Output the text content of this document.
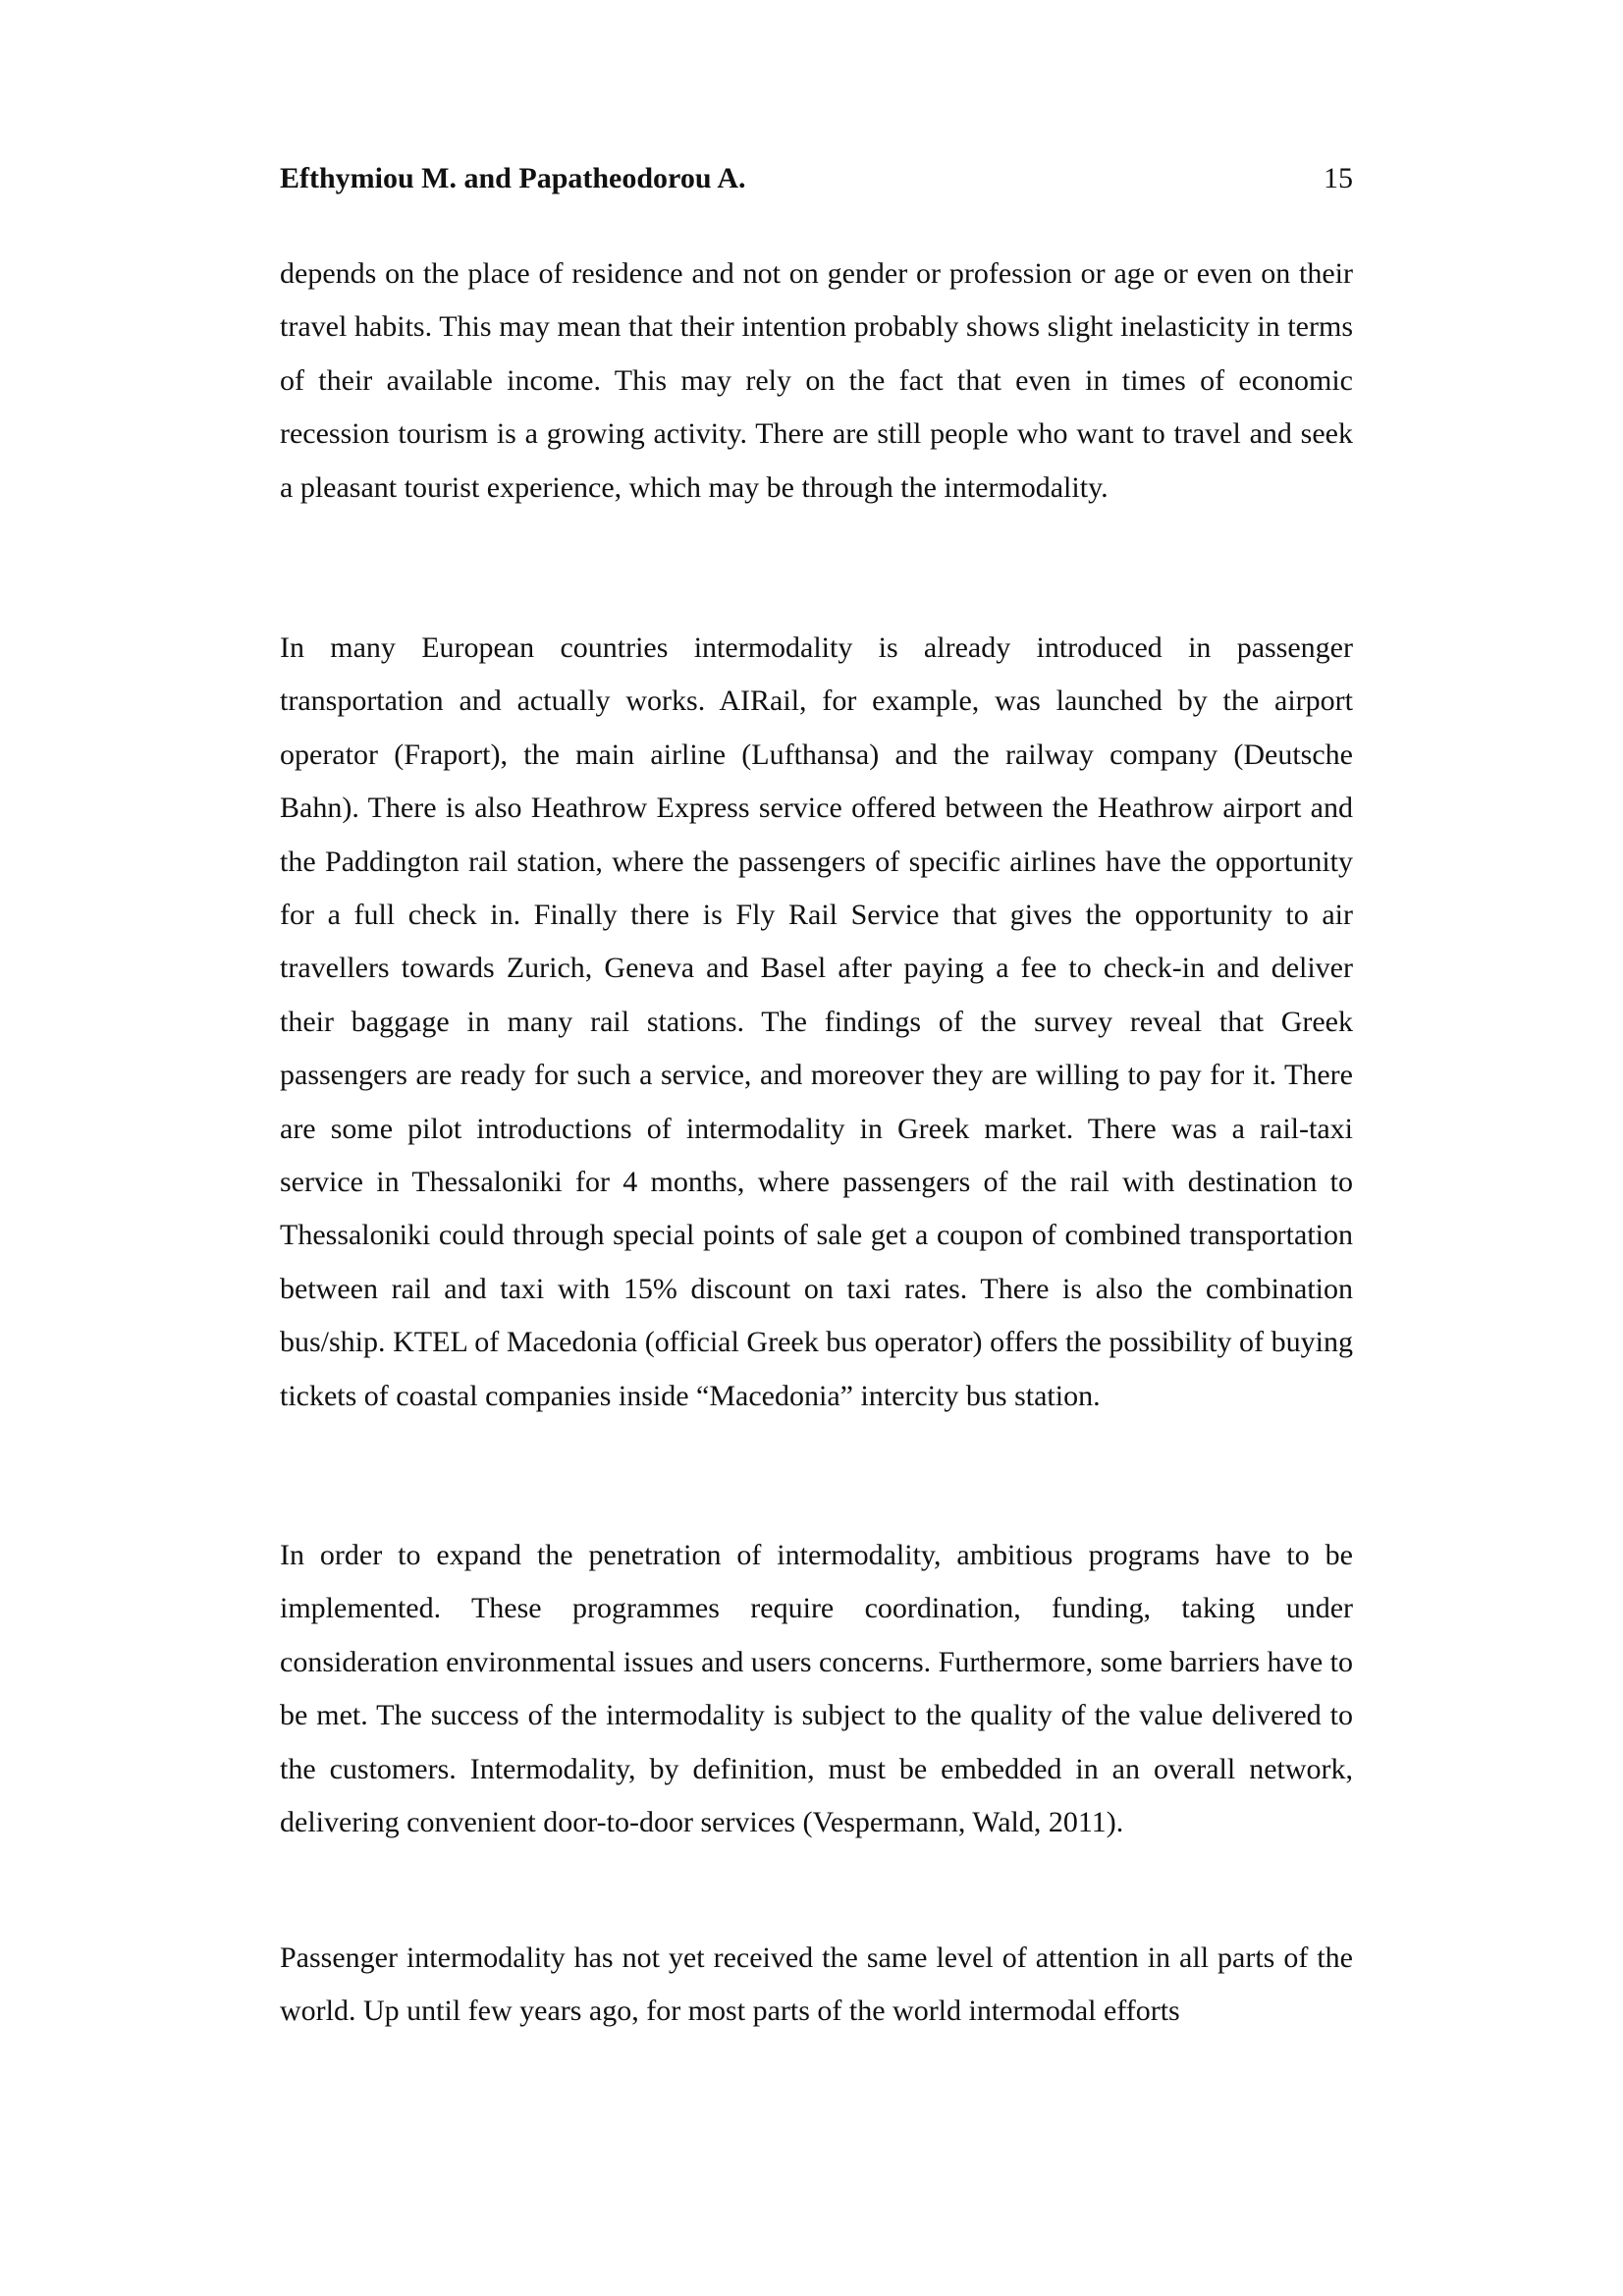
Efthymiou M. and Papatheodorou A.	15

depends on the place of residence and not on gender or profession or age or even on their travel habits. This may mean that their intention probably shows slight inelasticity in terms of their available income. This may rely on the fact that even in times of economic recession tourism is a growing activity. There are still people who want to travel and seek a pleasant tourist experience, which may be through the intermodality.

In many European countries intermodality is already introduced in passenger transportation and actually works. AIRail, for example, was launched by the airport operator (Fraport), the main airline (Lufthansa) and the railway company (Deutsche Bahn). There is also Heathrow Express service offered between the Heathrow airport and the Paddington rail station, where the passengers of specific airlines have the opportunity for a full check in. Finally there is Fly Rail Service that gives the opportunity to air travellers towards Zurich, Geneva and Basel after paying a fee to check-in and deliver their baggage in many rail stations. The findings of the survey reveal that Greek passengers are ready for such a service, and moreover they are willing to pay for it. There are some pilot introductions of intermodality in Greek market. There was a rail-taxi service in Thessaloniki for 4 months, where passengers of the rail with destination to Thessaloniki could through special points of sale get a coupon of combined transportation between rail and taxi with 15% discount on taxi rates. There is also the combination bus/ship. KTEL of Macedonia (official Greek bus operator) offers the possibility of buying tickets of coastal companies inside “Macedonia” intercity bus station.

In order to expand the penetration of intermodality, ambitious programs have to be implemented. These programmes require coordination, funding, taking under consideration environmental issues and users concerns. Furthermore, some barriers have to be met. The success of the intermodality is subject to the quality of the value delivered to the customers. Intermodality, by definition, must be embedded in an overall network, delivering convenient door-to-door services (Vespermann, Wald, 2011).

Passenger intermodality has not yet received the same level of attention in all parts of the world. Up until few years ago, for most parts of the world intermodal efforts
